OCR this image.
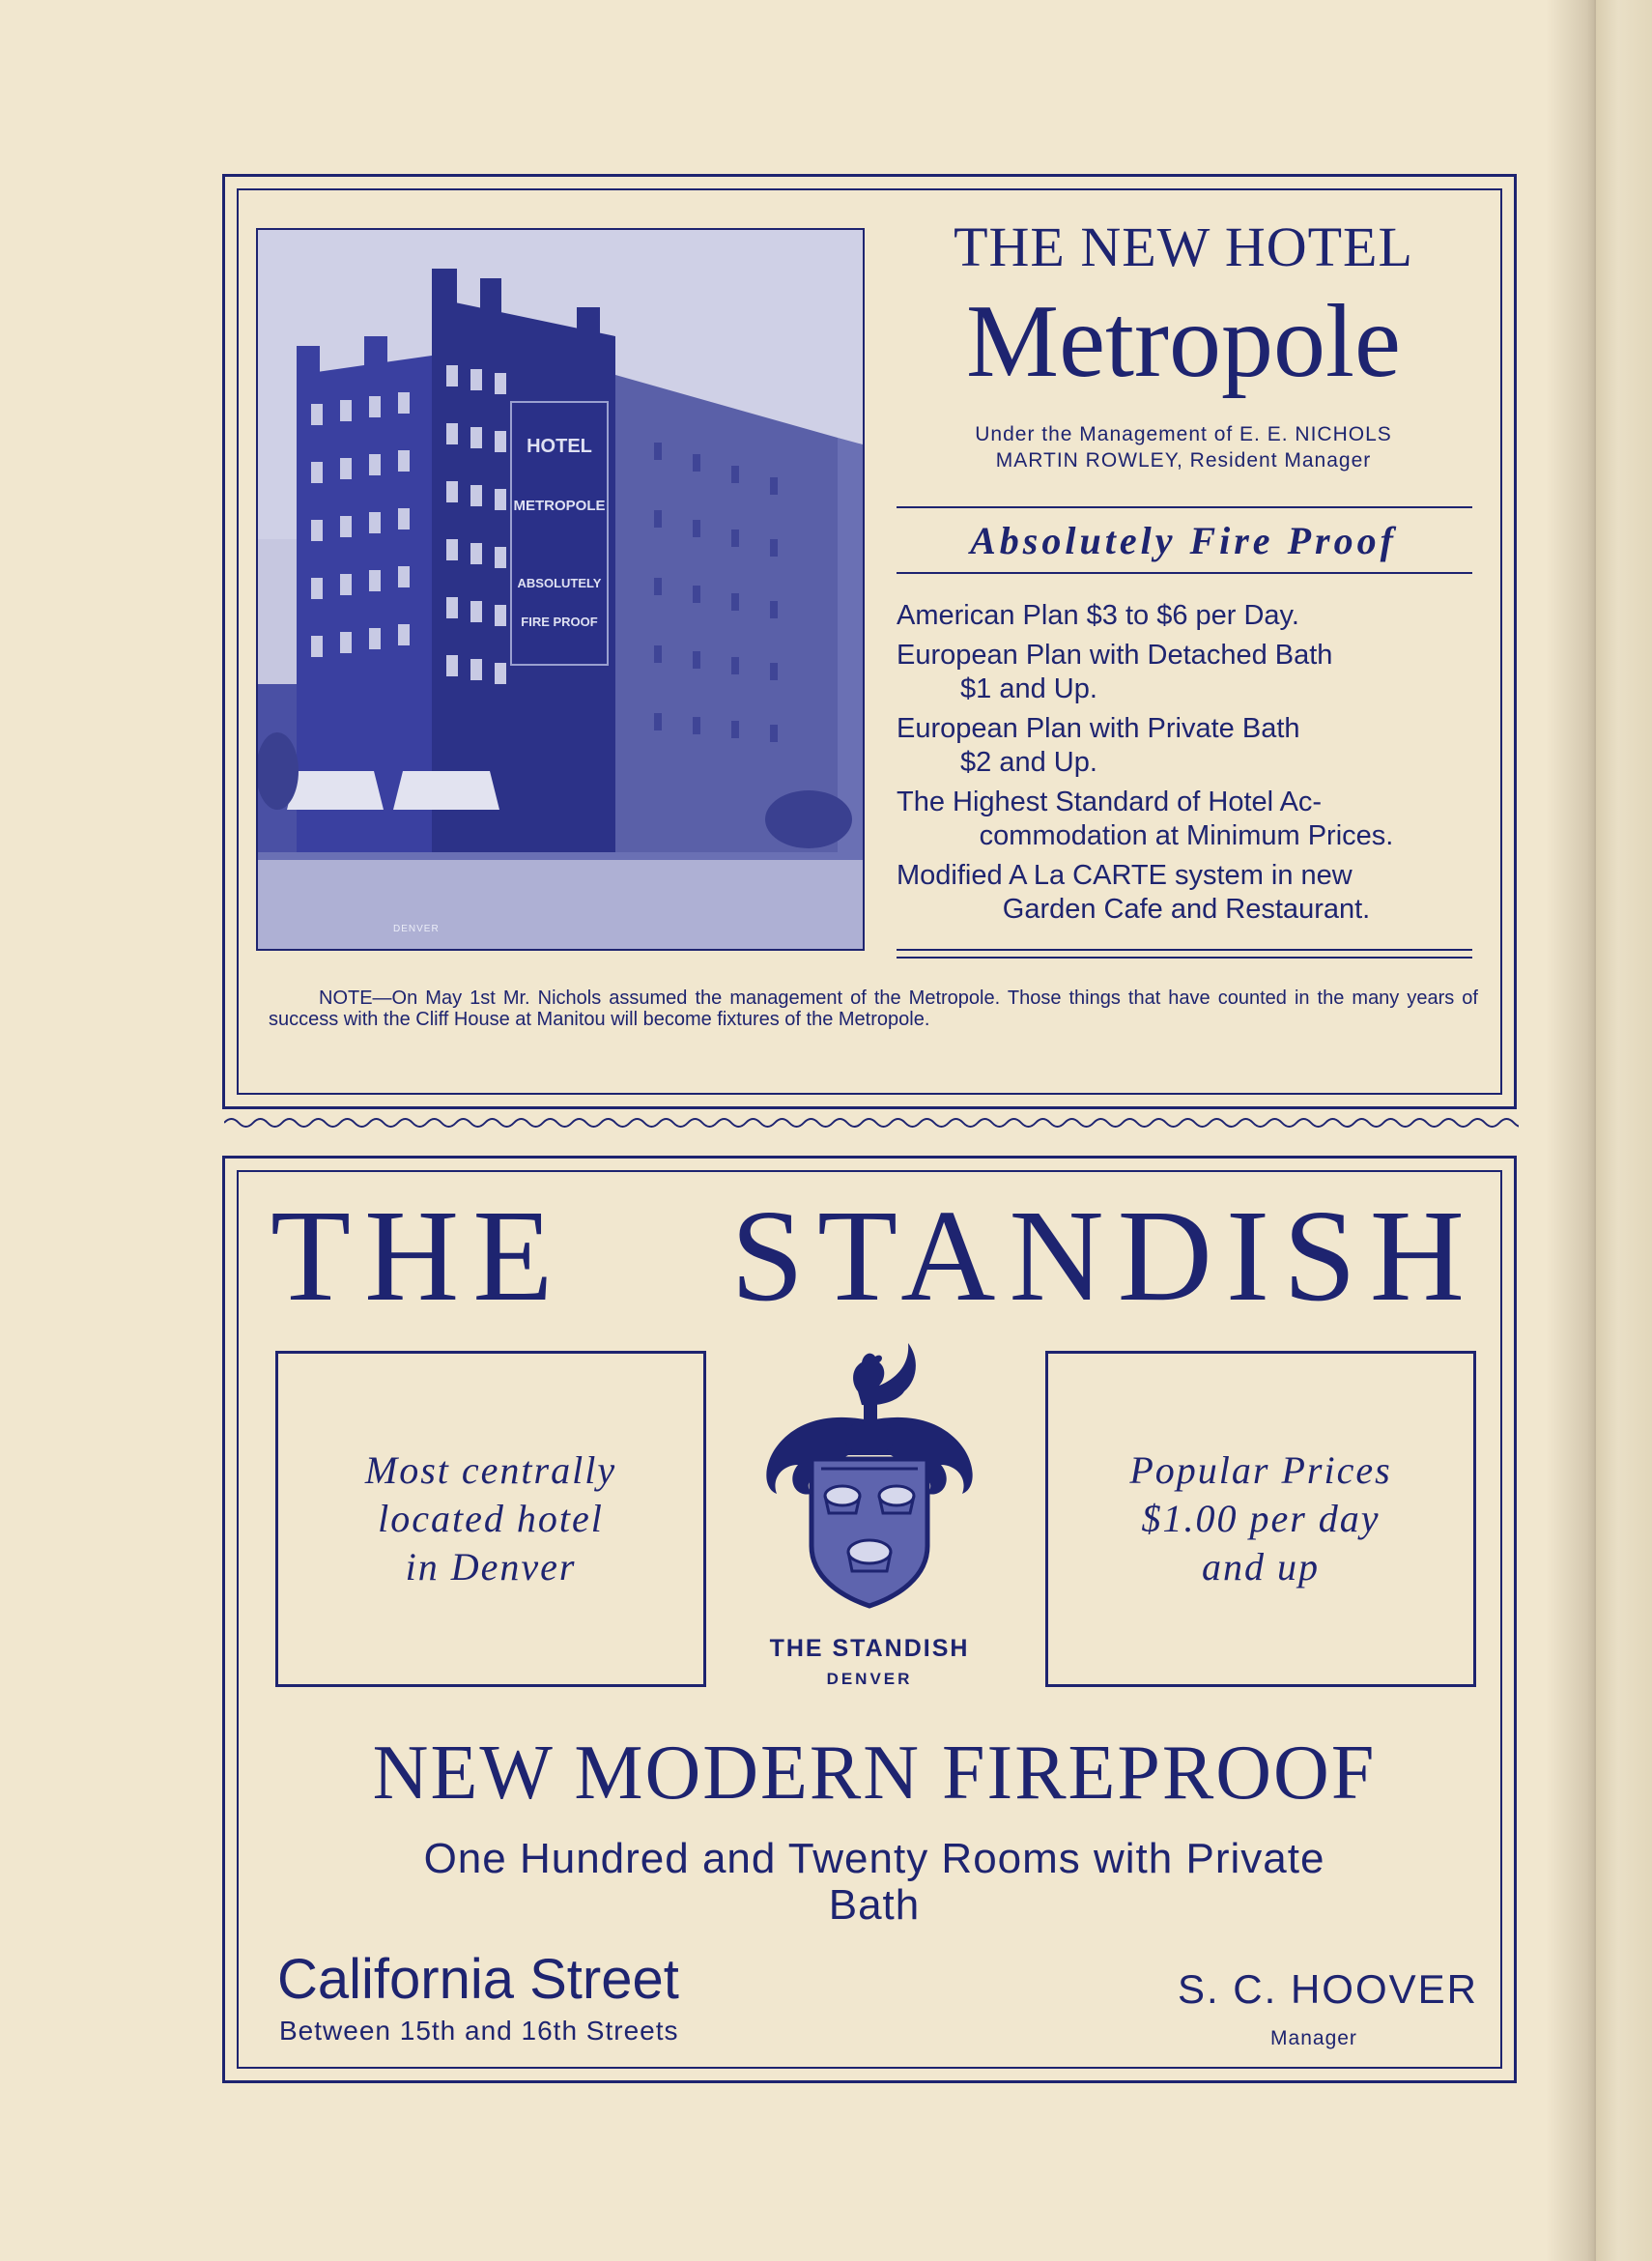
HOTEL
METROPOLE
ABSOLUTELY
FIRE PROOF
DENVER
THE NEW HOTEL
Metropole
Under the Management of E. E. NICHOLS
MARTIN ROWLEY, Resident Manager
Absolutely Fire Proof
American Plan $3 to $6 per Day.
European Plan with Detached Bath
$1 and Up.
European Plan with Private Bath
$2 and Up.
The Highest Standard of Hotel Ac-
commodation at Minimum Prices.
Modified A La CARTE system in new
Garden Cafe and Restaurant.
NOTE—On May 1st Mr. Nichols assumed the management of the Metropole. Those things that have counted in the many years of success with the Cliff House at Manitou will become fixtures of the Metropole.
THE STANDISH
Most centrally
located hotel
in Denver
THE STANDISH
DENVER
Popular Prices
$1.00 per day
and up
NEW MODERN FIREPROOF
One Hundred and Twenty Rooms with Private
Bath
California Street
Between 15th and 16th Streets
S. C. HOOVER
Manager
